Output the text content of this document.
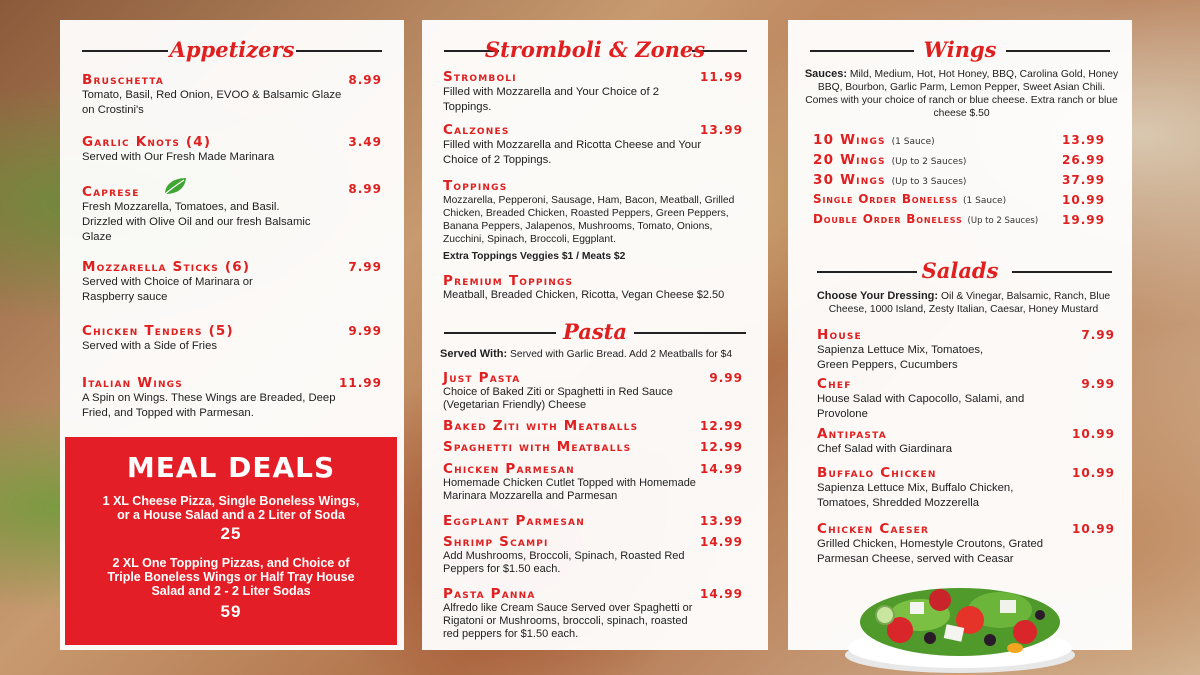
Appetizers
Bruschetta	8.99
Tomato, Basil, Red Onion, EVOO & Balsamic Glaze on Crostini's
Garlic Knots (4)	3.49
Served with Our Fresh Made Marinara
Caprese	8.99
Fresh Mozzarella, Tomatoes, and Basil. Drizzled with Olive Oil and our fresh Balsamic Glaze
Mozzarella Sticks (6)	7.99
Served with Choice of Marinara or Raspberry sauce
Chicken Tenders (5)	9.99
Served with a Side of Fries
Italian Wings	11.99
A Spin on Wings. These Wings are Breaded, Deep Fried, and Topped with Parmesan.
MEAL DEALS
1 XL Cheese Pizza, Single Boneless Wings, or a House Salad and a 2 Liter of Soda
25
2 XL One Topping Pizzas, and Choice of Triple Boneless Wings or Half Tray House Salad and 2 - 2 Liter Sodas
59
Stromboli & Zones
Stromboli	11.99
Filled with Mozzarella and Your Choice of 2 Toppings.
Calzones	13.99
Filled with Mozzarella and Ricotta Cheese and Your Choice of 2 Toppings.
Toppings
Mozzarella, Pepperoni, Sausage, Ham, Bacon, Meatball, Grilled Chicken, Breaded Chicken, Roasted Peppers, Green Peppers, Banana Peppers, Jalapenos, Mushrooms, Tomato, Onions, Zucchini, Spinach, Broccoli, Eggplant.
Extra Toppings Veggies $1 / Meats $2
Premium Toppings
Meatball, Breaded Chicken, Ricotta, Vegan Cheese $2.50
Pasta
Served With: Served with Garlic Bread. Add 2 Meatballs for $4
Just Pasta	9.99
Choice of Baked Ziti or Spaghetti in Red Sauce (Vegetarian Friendly) Cheese
Baked Ziti with Meatballs	12.99
Spaghetti with Meatballs	12.99
Chicken Parmesan	14.99
Homemade Chicken Cutlet Topped with Homemade Marinara Mozzarella and Parmesan
Eggplant Parmesan	13.99
Shrimp Scampi	14.99
Add Mushrooms, Broccoli, Spinach, Roasted Red Peppers for $1.50 each.
Pasta Panna	14.99
Alfredo like Cream Sauce Served over Spaghetti or Rigatoni or Mushrooms, broccoli, spinach, roasted red peppers for $1.50 each.
Wings
Sauces: Mild, Medium, Hot, Hot Honey, BBQ, Carolina Gold, Honey BBQ, Bourbon, Garlic Parm, Lemon Pepper, Sweet Asian Chili. Comes with your choice of ranch or blue cheese. Extra ranch or blue cheese $.50
10 Wings (1 Sauce)	13.99
20 Wings (Up to 2 Sauces)	26.99
30 Wings (Up to 3 Sauces)	37.99
Single Order Boneless (1 Sauce)	10.99
Double Order Boneless (Up to 2 Sauces)	19.99
Salads
Choose Your Dressing: Oil & Vinegar, Balsamic, Ranch, Blue Cheese, 1000 Island, Zesty Italian, Caesar, Honey Mustard
House	7.99
Sapienza Lettuce Mix, Tomatoes, Green Peppers, Cucumbers
Chef	9.99
House Salad with Capocollo, Salami, and Provolone
Antipasta	10.99
Chef Salad with Giardinara
Buffalo Chicken	10.99
Sapienza Lettuce Mix, Buffalo Chicken, Tomatoes, Shredded Mozzerella
Chicken Caeser	10.99
Grilled Chicken, Homestyle Croutons, Grated Parmesan Cheese, served with Ceasar
